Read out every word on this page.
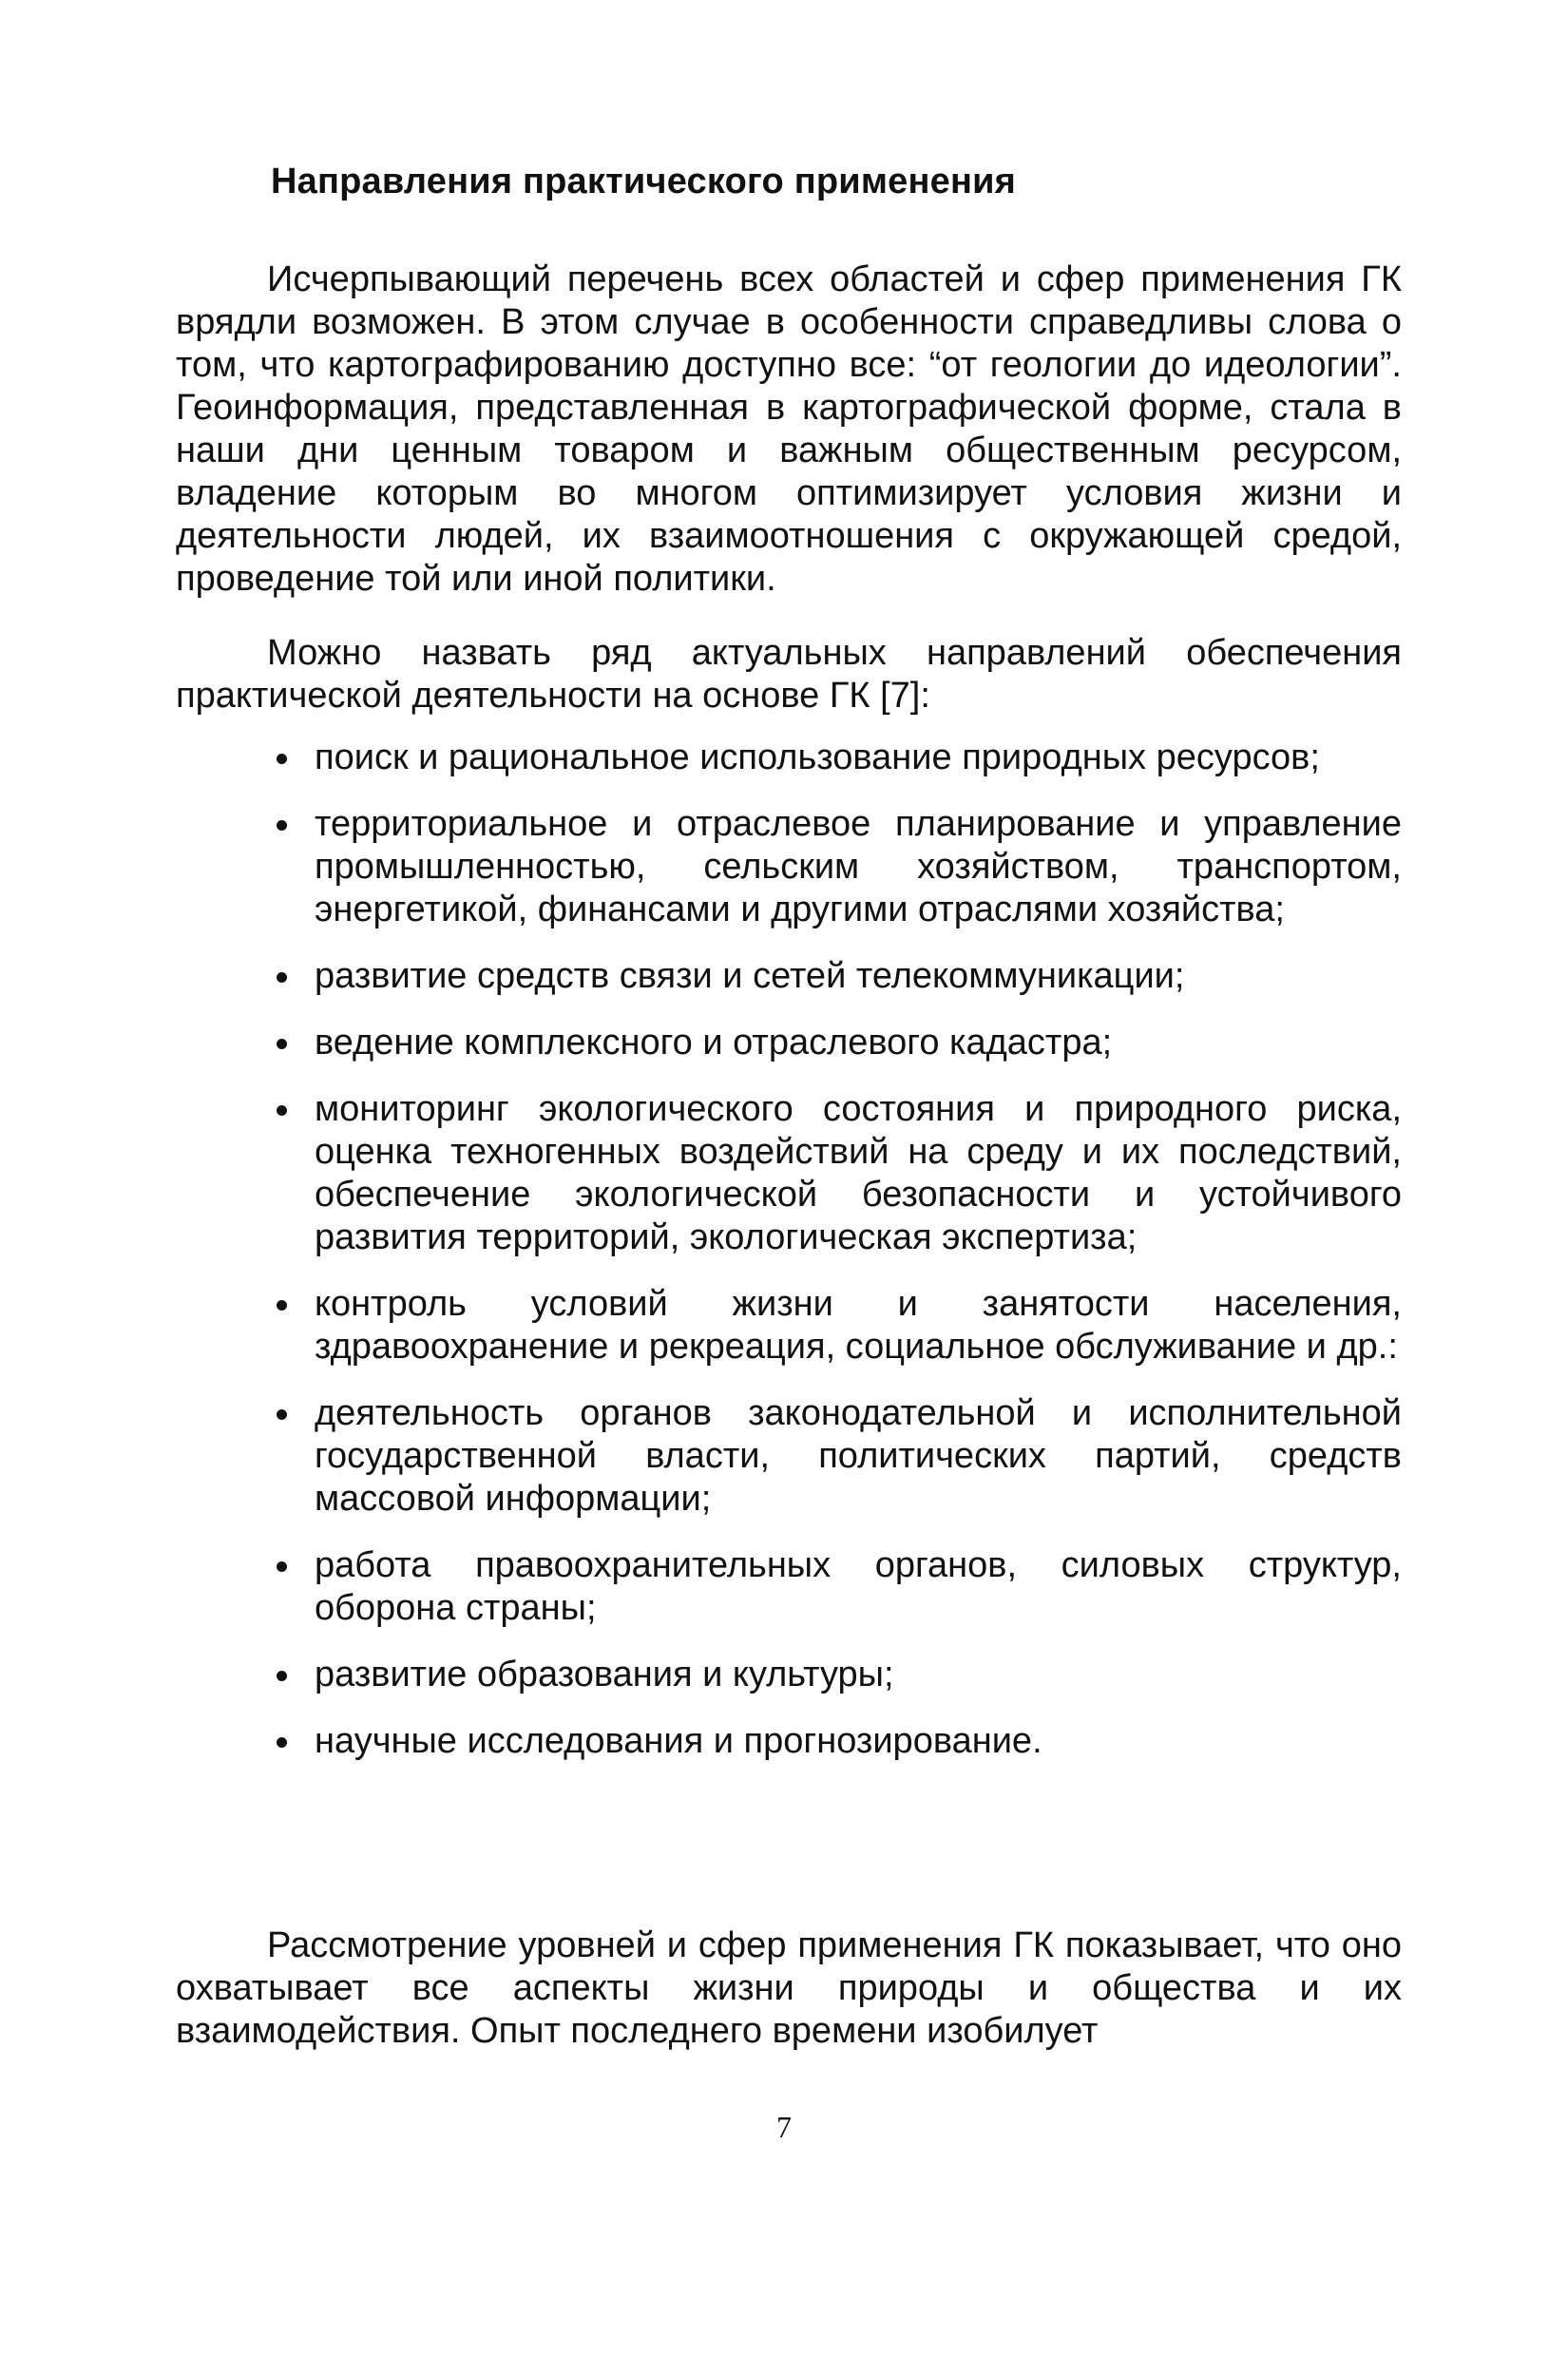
Направления практического применения
Исчерпывающий перечень всех областей и сфер применения ГК врядли возможен. В этом случае в особенности справедливы слова о том, что картографированию доступно все: “от геологии до идеологии”. Геоинформация, представленная в картографической форме, стала в наши дни ценным товаром и важным общественным ресурсом, владение которым во многом оптимизирует условия жизни и деятельности людей, их взаимоотношения с окружающей средой, проведение той или иной политики.
Можно назвать ряд актуальных направлений обеспечения практической деятельности на основе ГК [7]:
поиск и рациональное использование природных ресурсов;
территориальное и отраслевое планирование и управление промышленностью, сельским хозяйством, транспортом, энергетикой, финансами и другими отраслями хозяйства;
развитие средств связи и сетей телекоммуникации;
ведение комплексного и отраслевого кадастра;
мониторинг экологического состояния и природного риска, оценка техногенных воздействий на среду и их последствий, обеспечение экологической безопасности и устойчивого развития территорий, экологическая экспертиза;
контроль условий жизни и занятости населения, здравоохранение и рекреация, социальное обслуживание и др.:
деятельность органов законодательной и исполнительной государственной власти, политических партий, средств массовой информации;
работа правоохранительных органов, силовых структур, оборона страны;
развитие образования и культуры;
научные исследования и прогнозирование.
Рассмотрение уровней и сфер применения ГК показывает, что оно охватывает все аспекты жизни природы и общества и их взаимодействия. Опыт последнего времени изобилует
7
